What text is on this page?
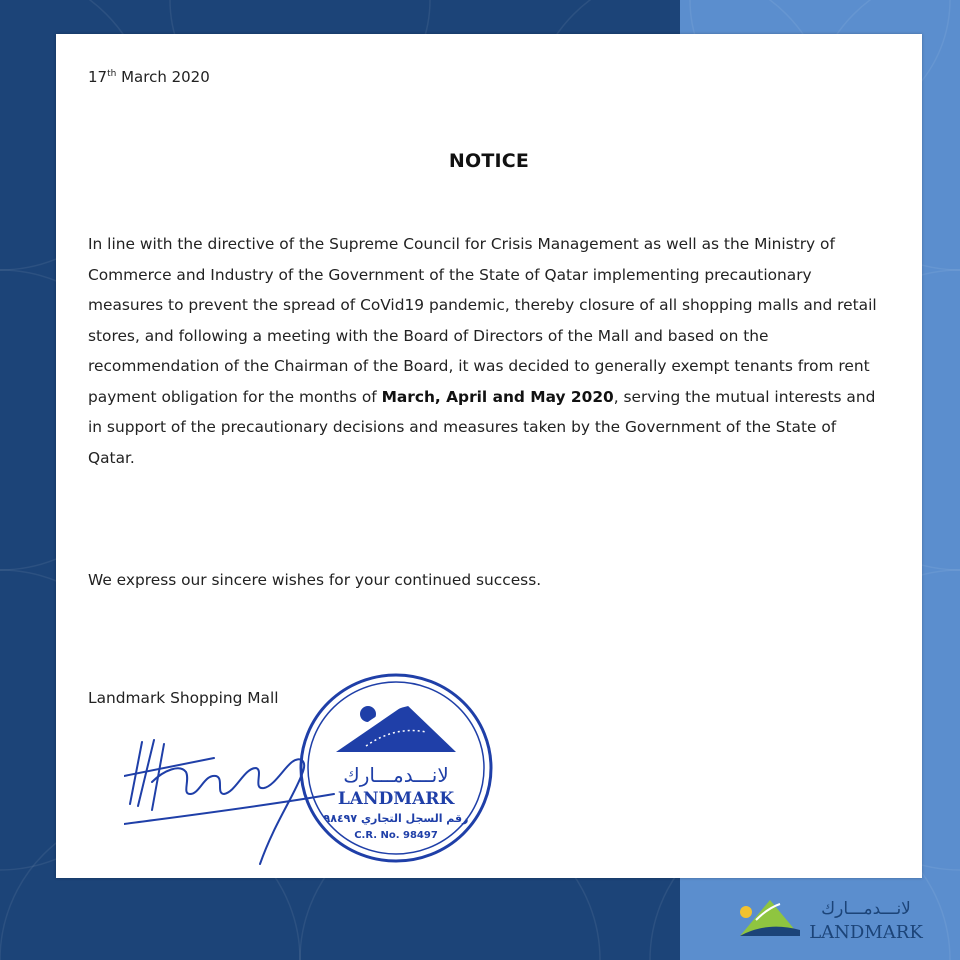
17th March 2020
NOTICE
In line with the directive of the Supreme Council for Crisis Management as well as the Ministry of Commerce and Industry of the Government of the State of Qatar implementing precautionary measures to prevent the spread of CoVid19 pandemic, thereby closure of all shopping malls and retail stores, and following a meeting with the Board of Directors of the Mall and based on the recommendation of the Chairman of the Board, it was decided to generally exempt tenants from rent payment obligation for the months of March, April and May 2020, serving the mutual interests and in support of the precautionary decisions and measures taken by the Government of the State of Qatar.
We express our sincere wishes for your continued success.
Landmark Shopping Mall
لانـــدمـــارك
LANDMARK
رقم السجل التجاري ٩٨٤٩٧
C.R. No. 98497
لانـــدمـــارك
LANDMARK
